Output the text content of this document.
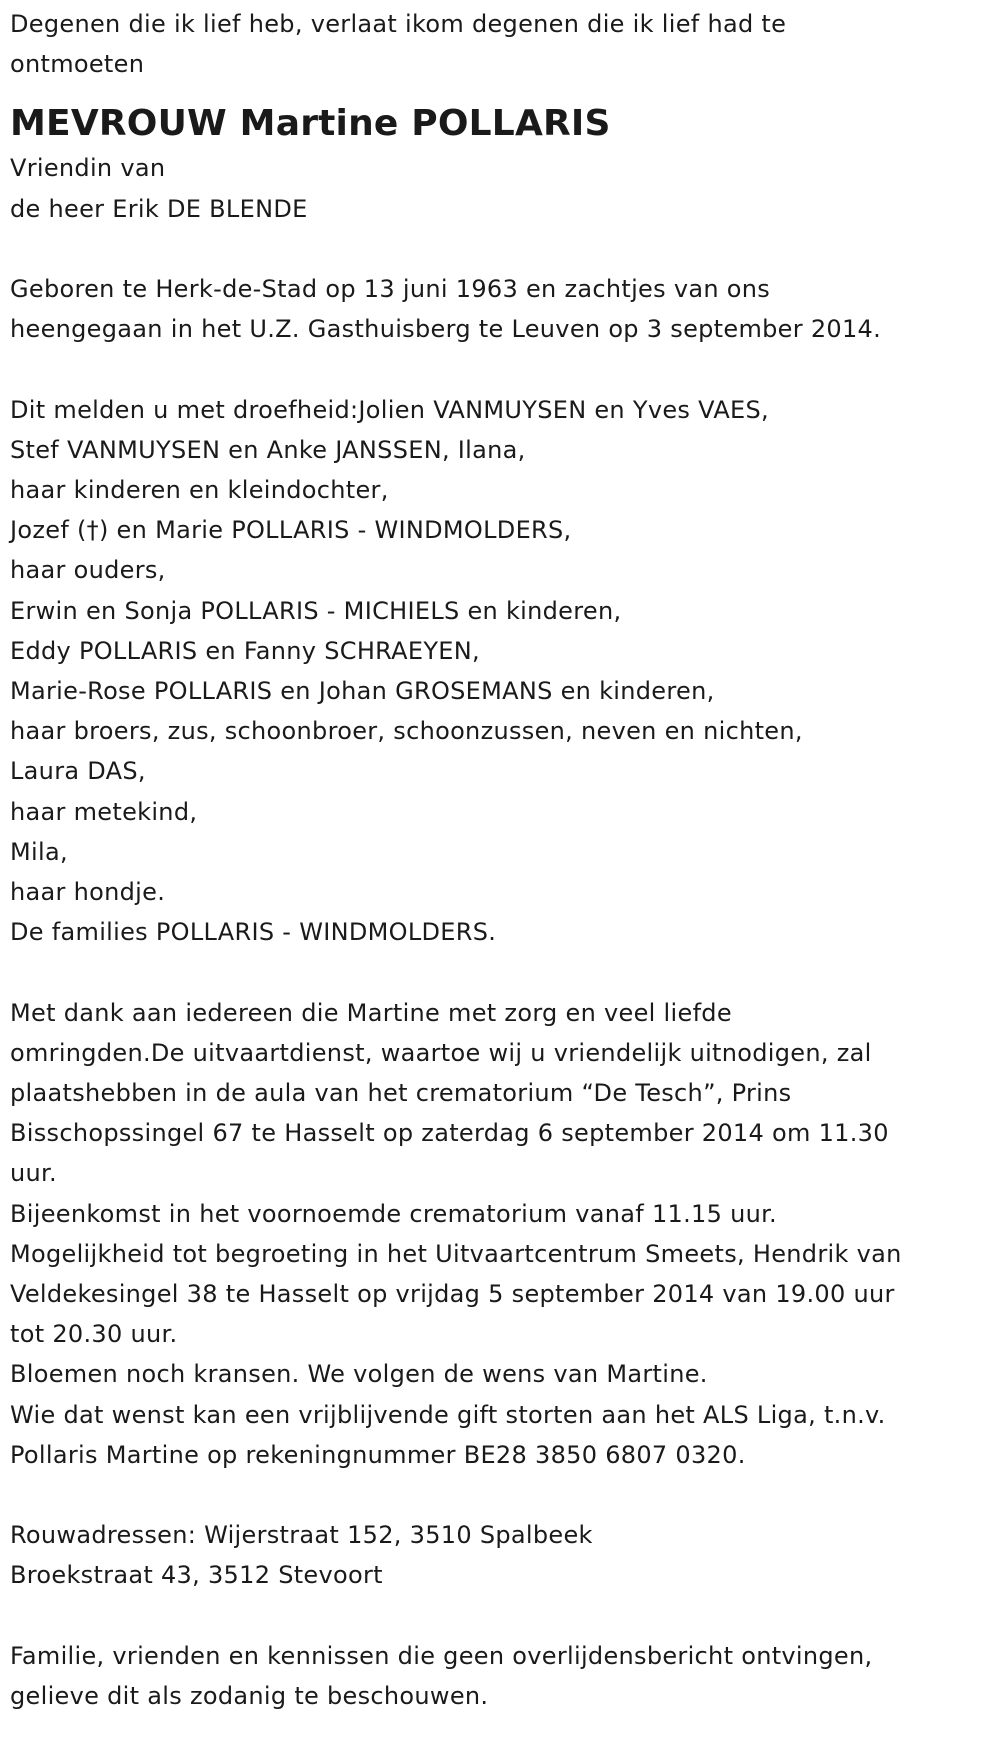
Degenen die ik lief heb, verlaat ikom degenen die ik lief had te

ontmoeten

MEVROUW Martine POLLARIS

Vriendin van

de heer Erik DE BLENDE

Geboren te Herk-de-Stad op 13 juni 1963 en zachtjes van ons

heengegaan in het U.Z. Gasthuisberg te Leuven op 3 september 2014.

Dit melden u met droefheid:Jolien VANMUYSEN en Yves VAES,

Stef VANMUYSEN en Anke JANSSEN, Ilana,

haar kinderen en kleindochter,

Jozef (†) en Marie POLLARIS - WINDMOLDERS,

haar ouders,

Erwin en Sonja POLLARIS - MICHIELS en kinderen,

Eddy POLLARIS en Fanny SCHRAEYEN,

Marie-Rose POLLARIS en Johan GROSEMANS en kinderen,

haar broers, zus, schoonbroer, schoonzussen, neven en nichten,

Laura DAS,

haar metekind,

Mila,

haar hondje.

De families POLLARIS - WINDMOLDERS.

Met dank aan iedereen die Martine met zorg en veel liefde

omringden.De uitvaartdienst, waartoe wij u vriendelijk uitnodigen, zal

plaatshebben in de aula van het crematorium “De Tesch”, Prins

Bisschopssingel 67 te Hasselt op zaterdag 6 september 2014 om 11.30

uur.

Bijeenkomst in het voornoemde crematorium vanaf 11.15 uur.

Mogelijkheid tot begroeting in het Uitvaartcentrum Smeets, Hendrik van

Veldekesingel 38 te Hasselt op vrijdag 5 september 2014 van 19.00 uur

tot 20.30 uur.

Bloemen noch kransen. We volgen de wens van Martine.

Wie dat wenst kan een vrijblijvende gift storten aan het ALS Liga, t.n.v.

Pollaris Martine op rekeningnummer BE28 3850 6807 0320.

Rouwadressen: Wijerstraat 152, 3510 Spalbeek

Broekstraat 43, 3512 Stevoort

Familie, vrienden en kennissen die geen overlijdensbericht ontvingen,

gelieve dit als zodanig te beschouwen.
